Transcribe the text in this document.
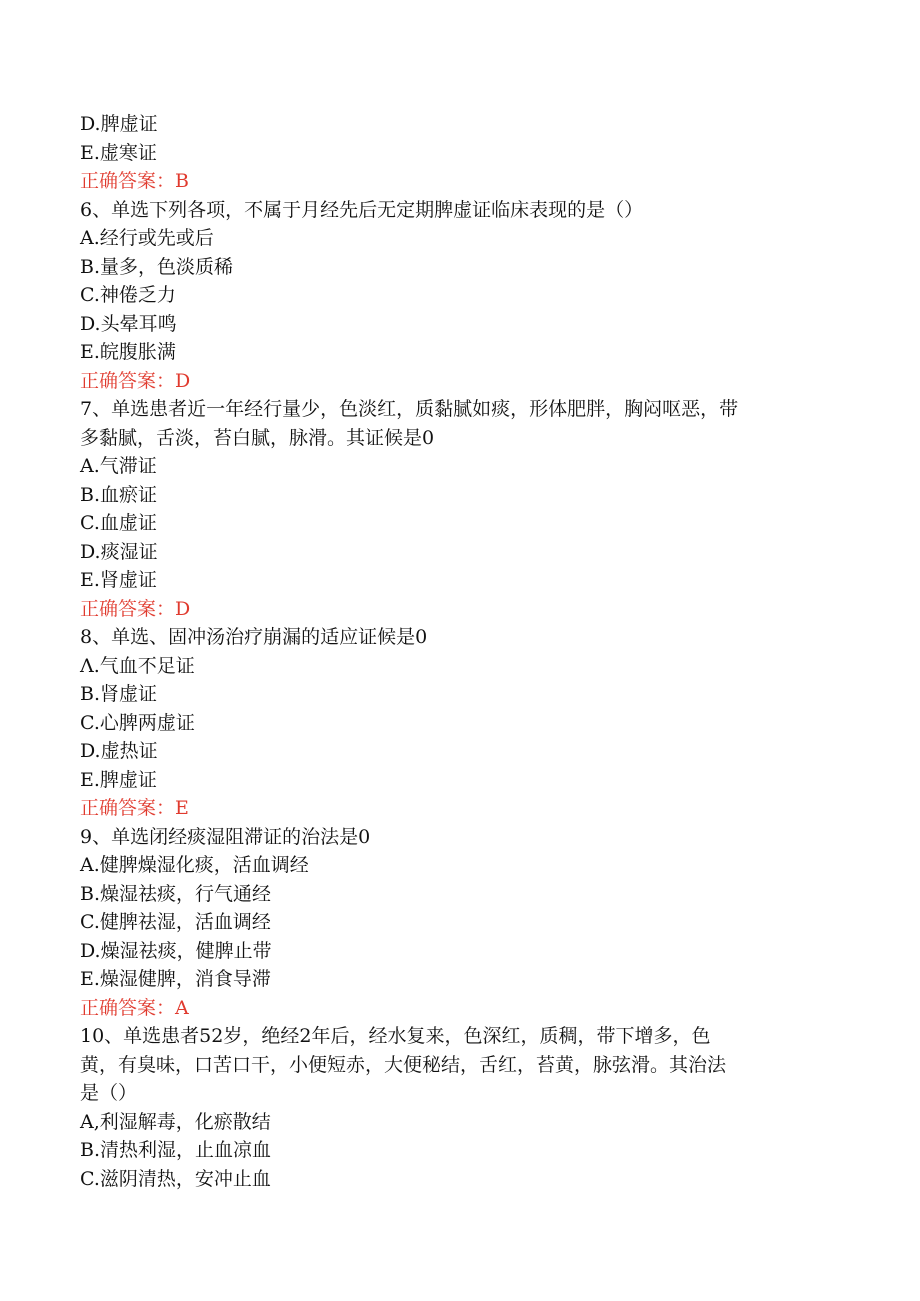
D.脾虚证
E.虚寒证
正确答案：B
6、单选下列各项，不属于月经先后无定期脾虚证临床表现的是（）
A.经行或先或后
B.量多，色淡质稀
C.神倦乏力
D.头晕耳鸣
E.皖腹胀满
正确答案：D
7、单选患者近一年经行量少，色淡红，质黏腻如痰，形体肥胖，胸闷呕恶，带
多黏腻，舌淡，苔白腻，脉滑。其证候是0
A.气滞证
B.血瘀证
C.血虚证
D.痰湿证
E.肾虚证
正确答案：D
8、单选、固冲汤治疗崩漏的适应证候是0
Λ.气血不足证
B.肾虚证
C.心脾两虚证
D.虚热证
E.脾虚证
正确答案：E
9、单选闭经痰湿阻滞证的治法是0
A.健脾燥湿化痰，活血调经
B.燥湿祛痰，行气通经
C.健脾祛湿，活血调经
D.燥湿祛痰，健脾止带
E.燥湿健脾，消食导滞
正确答案：A
10、单选患者52岁，绝经2年后，经水复来，色深红，质稠，带下增多，色
黄，有臭味，口苦口干，小便短赤，大便秘结，舌红，苔黄，脉弦滑。其治法
是（）
A,利湿解毒，化瘀散结
B.清热利湿，止血凉血
C.滋阴清热，安冲止血
